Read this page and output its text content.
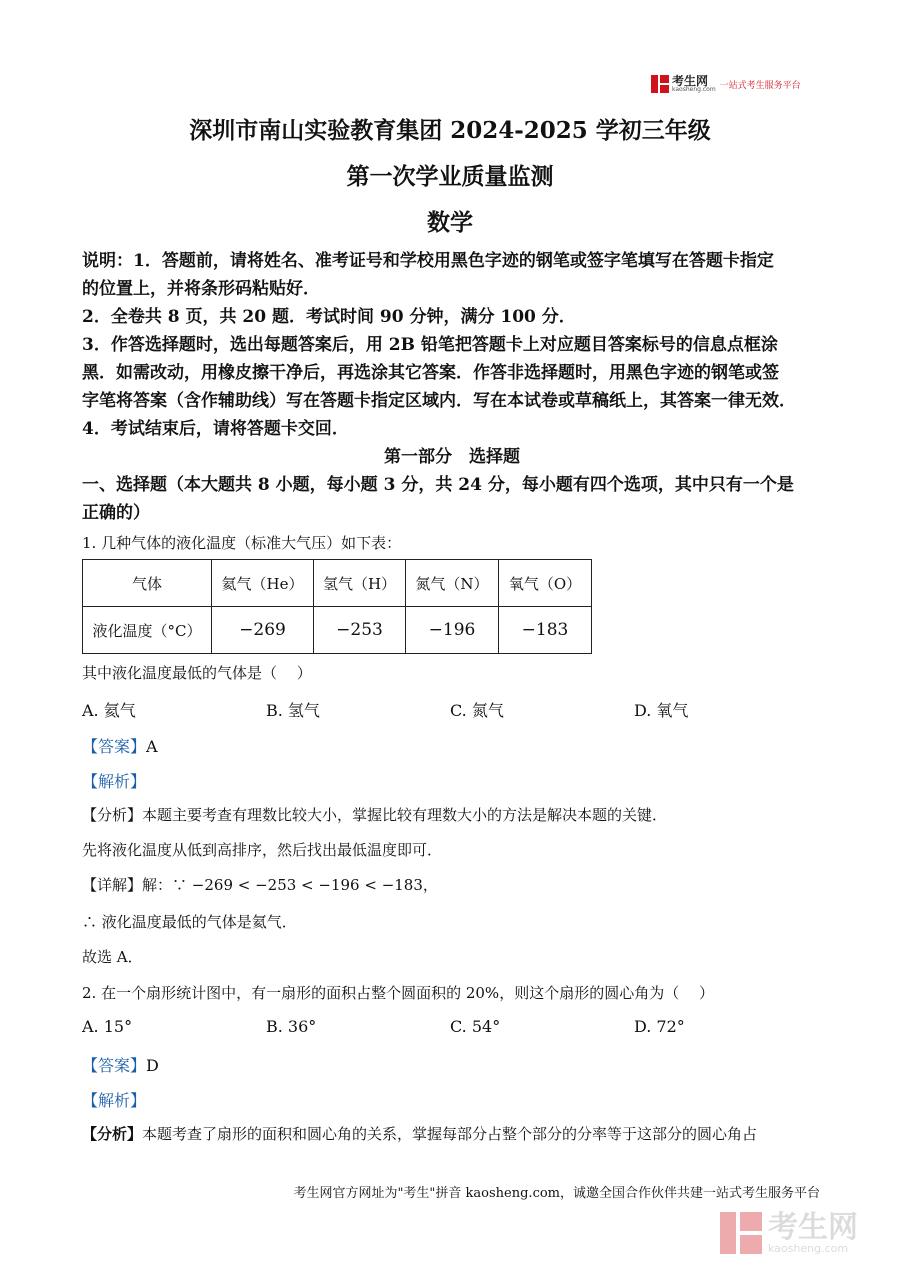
考生网
kaosheng.com 一站式考生服务平台
深圳市南山实验教育集团 2024-2025 学初三年级
第一次学业质量监测
数学
说明：1．答题前，请将姓名、准考证号和学校用黑色字迹的钢笔或签字笔填写在答题卡指定
的位置上，并将条形码粘贴好．
2．全卷共 8 页，共 20 题．考试时间 90 分钟，满分 100 分．
3．作答选择题时，选出每题答案后，用 2B 铅笔把答题卡上对应题目答案标号的信息点框涂
黑．如需改动，用橡皮擦干净后，再选涂其它答案．作答非选择题时，用黑色字迹的钢笔或签
字笔将答案（含作辅助线）写在答题卡指定区域内．写在本试卷或草稿纸上，其答案一律无效．
4．考试结束后，请将答题卡交回．
第一部分　选择题
一、选择题（本大题共 8 小题，每小题 3 分，共 24 分，每小题有四个选项，其中只有一个是
正确的）
1. 几种气体的液化温度（标准大气压）如下表：
气体	氦气（He）	氢气（H）	氮气（N）	氧气（O）
液化温度（°C）	−269	−253	−196	−183
其中液化温度最低的气体是（　 ）
A. 氦气	B. 氢气	C. 氮气	D. 氧气
【答案】A
【解析】
【分析】本题主要考查有理数比较大小，掌握比较有理数大小的方法是解决本题的关键．
先将液化温度从低到高排序，然后找出最低温度即可．
【详解】解：∵ −269 < −253 < −196 < −183，
∴ 液化温度最低的气体是氦气．
故选 A．
2. 在一个扇形统计图中，有一扇形的面积占整个圆面积的 20%，则这个扇形的圆心角为（　 ）
A. 15°	B. 36°	C. 54°	D. 72°
【答案】D
【解析】
【分析】本题考查了扇形的面积和圆心角的关系，掌握每部分占整个部分的分率等于这部分的圆心角占
考生网官方网址为"考生"拼音 kaosheng.com，诚邀全国合作伙伴共建一站式考生服务平台
考生网
kaosheng.com
